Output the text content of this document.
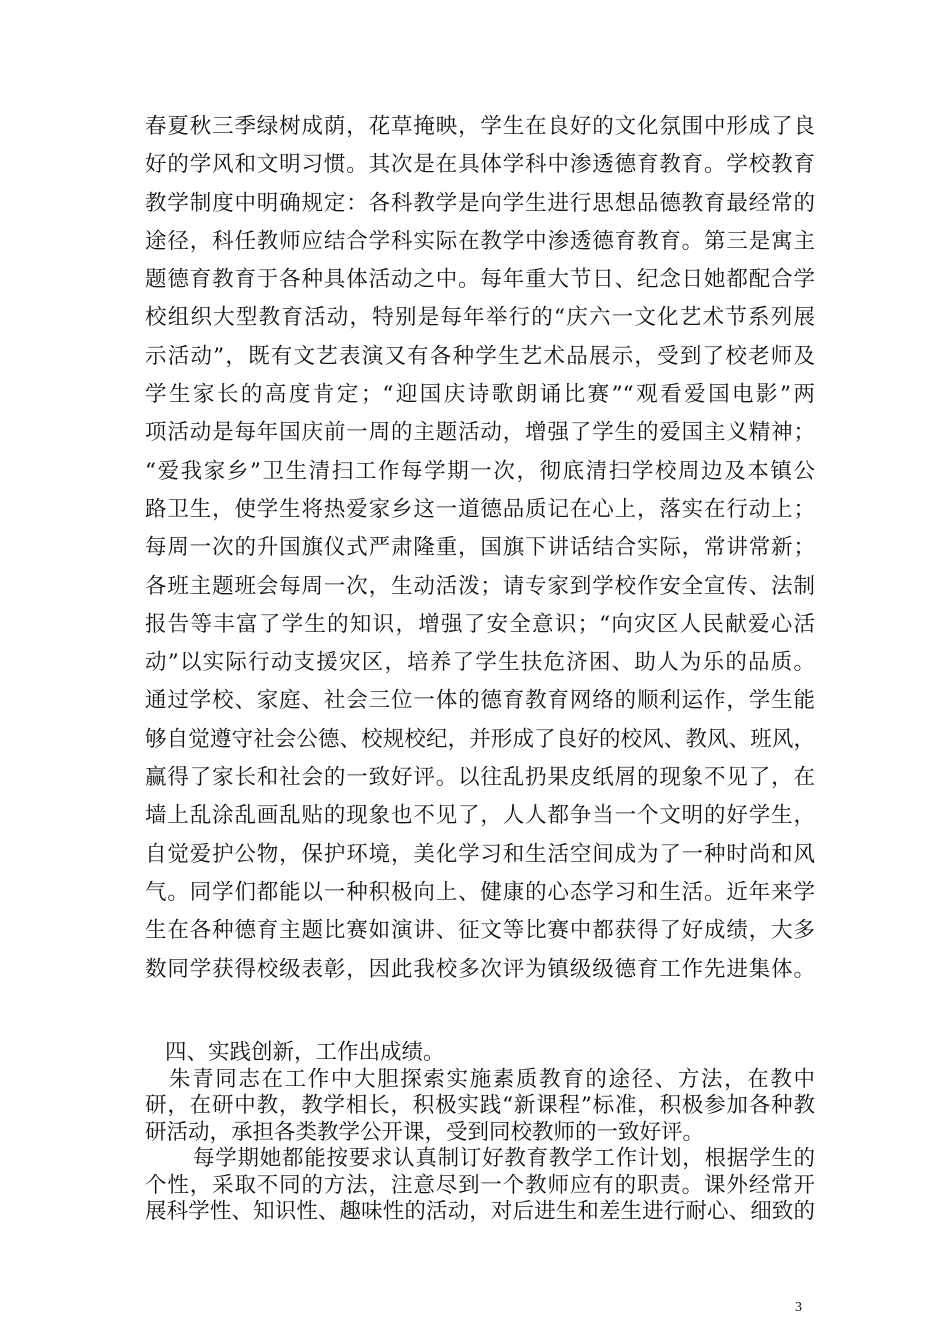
春夏秋三季绿树成荫，花草掩映，学生在良好的文化氛围中形成了良
好的学风和文明习惯。其次是在具体学科中渗透德育教育。学校教育
教学制度中明确规定：各科教学是向学生进行思想品德教育最经常的
途径，科任教师应结合学科实际在教学中渗透德育教育。第三是寓主
题德育教育于各种具体活动之中。每年重大节日、纪念日她都配合学
校组织大型教育活动，特别是每年举行的“庆六一文化艺术节系列展
示活动”，既有文艺表演又有各种学生艺术品展示，受到了校老师及
学生家长的高度肯定；“迎国庆诗歌朗诵比赛”“观看爱国电影”两
项活动是每年国庆前一周的主题活动，增强了学生的爱国主义精神；
“爱我家乡”卫生清扫工作每学期一次，彻底清扫学校周边及本镇公
路卫生，使学生将热爱家乡这一道德品质记在心上，落实在行动上；
每周一次的升国旗仪式严肃隆重，国旗下讲话结合实际，常讲常新；
各班主题班会每周一次，生动活泼；请专家到学校作安全宣传、法制
报告等丰富了学生的知识，增强了安全意识；“向灾区人民献爱心活
动”以实际行动支援灾区，培养了学生扶危济困、助人为乐的品质。
通过学校、家庭、社会三位一体的德育教育网络的顺利运作，学生能
够自觉遵守社会公德、校规校纪，并形成了良好的校风、教风、班风，
赢得了家长和社会的一致好评。以往乱扔果皮纸屑的现象不见了，在
墙上乱涂乱画乱贴的现象也不见了，人人都争当一个文明的好学生，
自觉爱护公物，保护环境，美化学习和生活空间成为了一种时尚和风
气。同学们都能以一种积极向上、健康的心态学习和生活。近年来学
生在各种德育主题比赛如演讲、征文等比赛中都获得了好成绩，大多
数同学获得校级表彰，因此我校多次评为镇级级德育工作先进集体。
四、实践创新，工作出成绩。
朱青同志在工作中大胆探索实施素质教育的途径、方法，在教中
研，在研中教，教学相长，积极实践“新课程”标准，积极参加各种教
研活动，承担各类教学公开课，受到同校教师的一致好评。
每学期她都能按要求认真制订好教育教学工作计划，根据学生的
个性，采取不同的方法，注意尽到一个教师应有的职责。课外经常开
展科学性、知识性、趣味性的活动，对后进生和差生进行耐心、细致的
3
